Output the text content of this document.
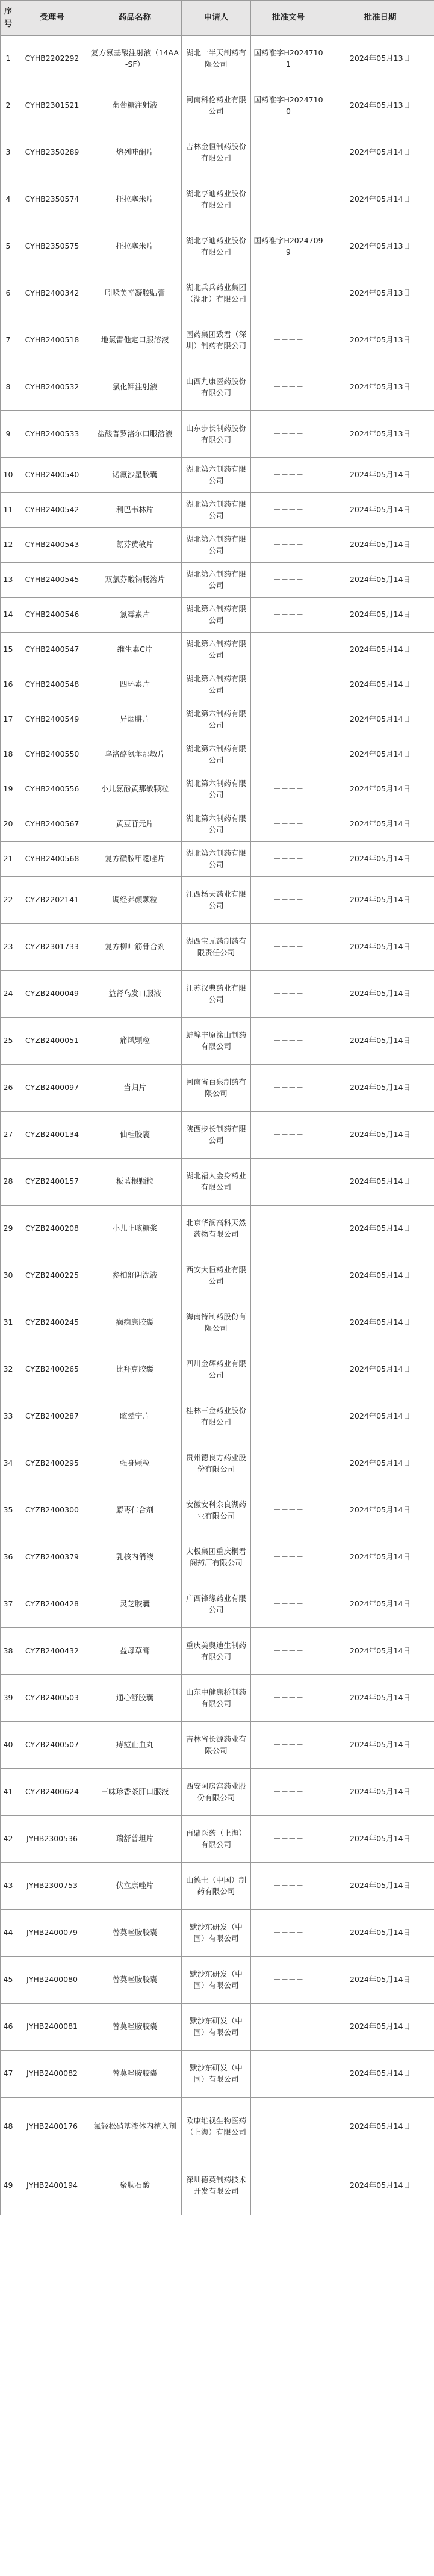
序号	受理号	药品名称	申请人	批准文号	批准日期
1	CYHB2202292	复方氨基酸注射液（14AA-SF）	湖北一半天制药有限公司	国药准字H20247101	2024年05月13日
2	CYHB2301521	葡萄糖注射液	河南科伦药业有限公司	国药准字H20247100	2024年05月13日
3	CYHB2350289	熔列哇酮片	吉林金恒制药股份有限公司	－－－－	2024年05月14日
4	CYHB2350574	托拉塞米片	湖北亨迪药业股份有限公司	－－－－	2024年05月14日
5	CYHB2350575	托拉塞米片	湖北亨迪药业股份有限公司	国药准字H20247099	2024年05月13日
6	CYHB2400342	吲哚美辛凝胶贴膏	湖北兵兵药业集团（湖北）有限公司	－－－－	2024年05月13日
7	CYHB2400518	地氯雷他定口服溶液	国药集团致君（深圳）制药有限公司	－－－－	2024年05月13日
8	CYHB2400532	氯化钾注射液	山西九康医药股份有限公司	－－－－	2024年05月13日
9	CYHB2400533	盐酸普罗洛尔口服溶液	山东步长制药股份有限公司	－－－－	2024年05月13日
10	CYHB2400540	诺氟沙星胶囊	湖北第六制药有限公司	－－－－	2024年05月14日
11	CYHB2400542	利巴韦林片	湖北第六制药有限公司	－－－－	2024年05月14日
12	CYHB2400543	氯芬黄敏片	湖北第六制药有限公司	－－－－	2024年05月14日
13	CYHB2400545	双氯芬酸钠肠溶片	湖北第六制药有限公司	－－－－	2024年05月14日
14	CYHB2400546	氯霉素片	湖北第六制药有限公司	－－－－	2024年05月14日
15	CYHB2400547	维生素C片	湖北第六制药有限公司	－－－－	2024年05月14日
16	CYHB2400548	四环素片	湖北第六制药有限公司	－－－－	2024年05月14日
17	CYHB2400549	异烟肼片	湖北第六制药有限公司	－－－－	2024年05月14日
18	CYHB2400550	乌洛酪氨苯那敏片	湖北第六制药有限公司	－－－－	2024年05月14日
19	CYHB2400556	小儿氨酚黄那敏颗粒	湖北第六制药有限公司	－－－－	2024年05月14日
20	CYHB2400567	黄豆苷元片	湖北第六制药有限公司	－－－－	2024年05月14日
21	CYHB2400568	复方磺胺甲噁唑片	湖北第六制药有限公司	－－－－	2024年05月14日
22	CYZB2202141	调经养颜颗粒	江西杨天药业有限公司	－－－－	2024年05月14日
23	CYZB2301733	复方柳叶筋骨合剂	湖西宝元药制药有限责任公司	－－－－	2024年05月14日
24	CYZB2400049	益肾乌发口服液	江苏汉典药业有限公司	－－－－	2024年05月14日
25	CYZB2400051	痛风颗粒	蚌埠丰原涂山制药有限公司	－－－－	2024年05月14日
26	CYZB2400097	当归片	河南省百泉制药有限公司	－－－－	2024年05月14日
27	CYZB2400134	仙桂胶囊	陕西步长制药有限公司	－－－－	2024年05月14日
28	CYZB2400157	板蓝根颗粒	湖北福人金身药业有限公司	－－－－	2024年05月14日
29	CYZB2400208	小儿止咳糖浆	北京华润高科天然药物有限公司	－－－－	2024年05月14日
30	CYZB2400225	参柏舒阴洗液	西安大恒药业有限公司	－－－－	2024年05月14日
31	CYZB2400245	癫痫康胶囊	海南特制药股份有限公司	－－－－	2024年05月14日
32	CYZB2400265	比拜克胶囊	四川金辉药业有限公司	－－－－	2024年05月14日
33	CYZB2400287	眩晕宁片	桂林三金药业股份有限公司	－－－－	2024年05月14日
34	CYZB2400295	强身颗粒	贵州德良方药业股份有限公司	－－－－	2024年05月14日
35	CYZB2400300	麝枣仁合剂	安徽安科余良湖药业有限公司	－－－－	2024年05月14日
36	CYZB2400379	乳核内消液	大极集团重庆桐君阁药厂有限公司	－－－－	2024年05月14日
37	CYZB2400428	灵芝胶囊	广西锋缘药业有限公司	－－－－	2024年05月14日
38	CYZB2400432	益母草膏	重庆美奥迪生制药有限公司	－－－－	2024年05月14日
39	CYZB2400503	通心舒胶囊	山东中健康桥制药有限公司	－－－－	2024年05月14日
40	CYZB2400507	痔痘止血丸	吉林省长源药业有限公司	－－－－	2024年05月14日
41	CYZB2400624	三味珍香茶肝口服液	西安阿房宫药业股份有限公司	－－－－	2024年05月14日
42	JYHB2300536	瑞舒普坦片	再鼎医药（上海）有限公司	－－－－	2024年05月14日
43	JYHB2300753	伏立康唑片	山德士（中国）制药有限公司	－－－－	2024年05月14日
44	JYHB2400079	替莫唑胺胶囊	默沙东研发（中国）有限公司	－－－－	2024年05月14日
45	JYHB2400080	替莫唑胺胶囊	默沙东研发（中国）有限公司	－－－－	2024年05月14日
46	JYHB2400081	替莫唑胺胶囊	默沙东研发（中国）有限公司	－－－－	2024年05月14日
47	JYHB2400082	替莫唑胺胶囊	默沙东研发（中国）有限公司	－－－－	2024年05月14日
48	JYHB2400176	氟轻松硝基液体内植入剂	欧康维视生物医药（上海）有限公司	－－－－	2024年05月14日
49	JYHB2400194	聚肽石酸	深圳德英制药技术开发有限公司	－－－－	2024年05月14日
